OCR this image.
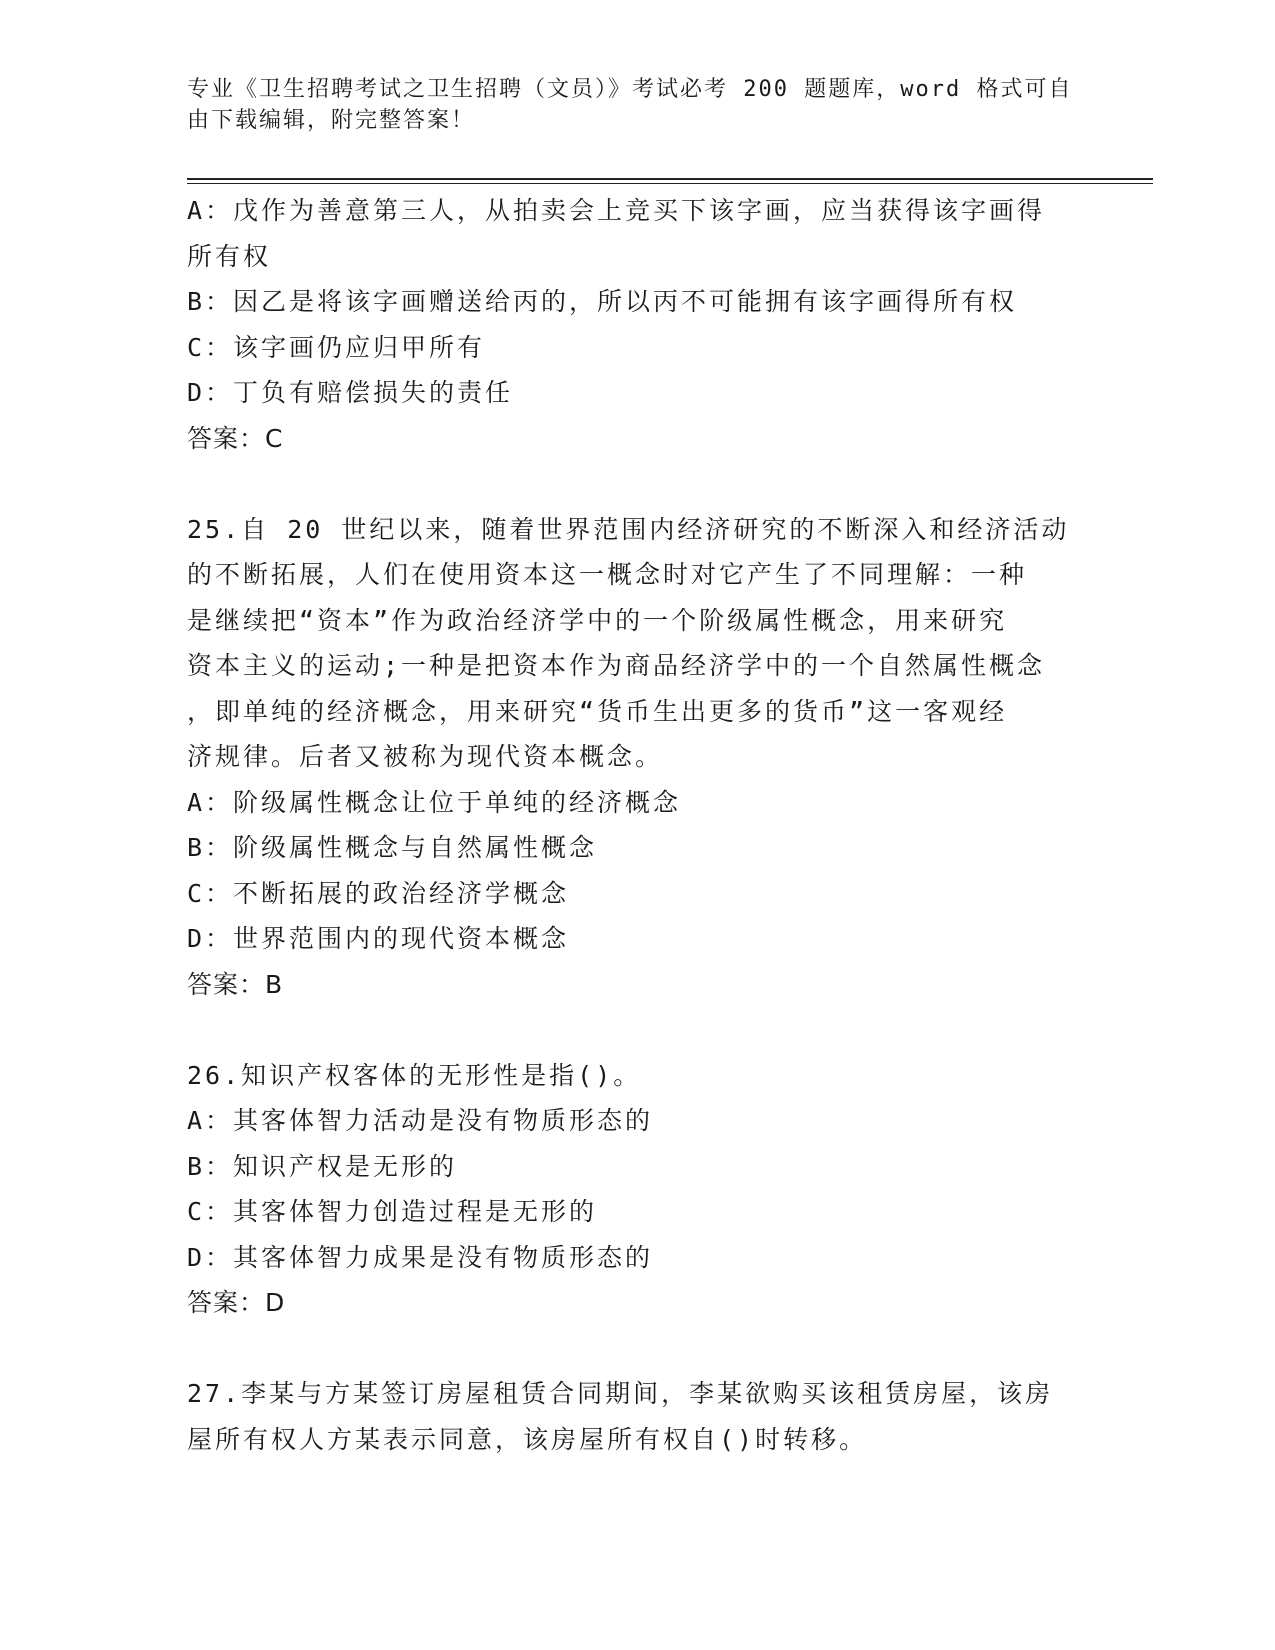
专业《卫生招聘考试之卫生招聘（文员）》考试必考 200 题题库，word 格式可自
由下载编辑，附完整答案！
A：戊作为善意第三人，从拍卖会上竞买下该字画，应当获得该字画得
所有权
B：因乙是将该字画赠送给丙的，所以丙不可能拥有该字画得所有权
C：该字画仍应归甲所有
D：丁负有赔偿损失的责任
答案：C
25.自 20 世纪以来，随着世界范围内经济研究的不断深入和经济活动
的不断拓展，人们在使用资本这一概念时对它产生了不同理解：一种
是继续把“资本”作为政治经济学中的一个阶级属性概念，用来研究
资本主义的运动;一种是把资本作为商品经济学中的一个自然属性概念
，即单纯的经济概念，用来研究“货币生出更多的货币”这一客观经
济规律。后者又被称为现代资本概念。
A：阶级属性概念让位于单纯的经济概念
B：阶级属性概念与自然属性概念
C：不断拓展的政治经济学概念
D：世界范围内的现代资本概念
答案：B
26.知识产权客体的无形性是指()。
A：其客体智力活动是没有物质形态的
B：知识产权是无形的
C：其客体智力创造过程是无形的
D：其客体智力成果是没有物质形态的
答案：D
27.李某与方某签订房屋租赁合同期间，李某欲购买该租赁房屋，该房
屋所有权人方某表示同意，该房屋所有权自()时转移。
